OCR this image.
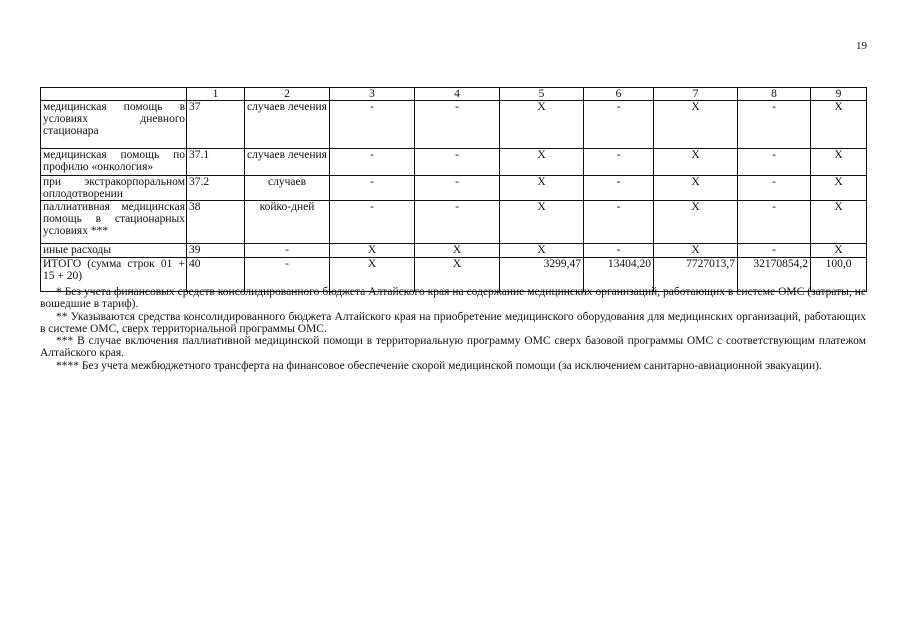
19
	1	2	3	4	5	6	7	8	9
медицинская помощь в условиях дневного стационара	37	случаев лечения	-	-	X	-	X	-	X
медицинская помощь по профилю «онкология»	37.1	случаев лечения	-	-	X	-	X	-	X
при экстракорпоральном оплодотворении	37.2	случаев	-	-	X	-	X	-	X
паллиативная медицинская помощь в стационарных условиях ***	38	койко-дней	-	-	X	-	X	-	X
иные расходы	39	-	X	X	X	-	X	-	X
ИТОГО (сумма строк 01 + 15 + 20)	40	-	X	X	3299,47	13404,20	7727013,7	32170854,2	100,0

* Без учета финансовых средств консолидированного бюджета Алтайского края на содержание медицинских организаций, работающих в системе ОМС (затраты, не вошедшие в тариф).

** Указываются средства консолидированного бюджета Алтайского края на приобретение медицинского оборудования для медицинских организаций, работающих в системе ОМС, сверх территориальной программы ОМС.

*** В случае включения паллиативной медицинской помощи в территориальную программу ОМС сверх базовой программы ОМС с соответствующим платежом Алтайского края.

**** Без учета межбюджетного трансферта на финансовое обеспечение скорой медицинской помощи (за исключением санитарно-авиационной эвакуации).
